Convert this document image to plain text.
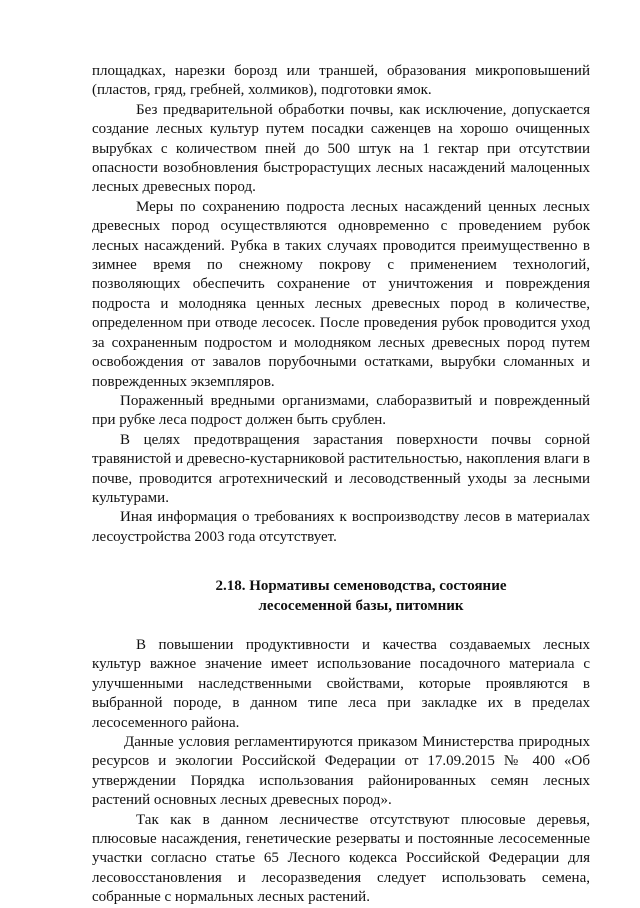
площадках, нарезки борозд или траншей, образования микроповышений (пластов, гряд, гребней, холмиков), подготовки ямок.

Без предварительной обработки почвы, как исключение, допускается создание лесных культур путем посадки саженцев на хорошо очищенных вырубках с количеством пней до 500 штук на 1 гектар при отсутствии опасности возобновления быстрорастущих лесных насаждений малоценных лесных древесных пород.

Меры по сохранению подроста лесных насаждений ценных лесных древесных пород осуществляются одновременно с проведением рубок лесных насаждений. Рубка в таких случаях проводится преимущественно в зимнее время по снежному покрову с применением технологий, позволяющих обеспечить сохранение от уничтожения и повреждения подроста и молодняка ценных лесных древесных пород в количестве, определенном при отводе лесосек. После проведения рубок проводится уход за сохраненным подростом и молодняком лесных древесных пород путем освобождения от завалов порубочными остатками, вырубки сломанных и поврежденных экземпляров.

Пораженный вредными организмами, слаборазвитый и поврежденный при рубке леса подрост должен быть срублен.

В целях предотвращения зарастания поверхности почвы сорной травянистой и древесно-кустарниковой растительностью, накопления влаги в почве, проводится агротехнический и лесоводственный уходы за лесными культурами.

Иная информация о требованиях к воспроизводству лесов в материалах лесоустройства 2003 года отсутствует.

2.18. Нормативы семеноводства, состояние
лесосеменной базы, питомник

В повышении продуктивности и качества создаваемых лесных культур важное значение имеет использование посадочного материала с улучшенными наследственными свойствами, которые проявляются в выбранной породе, в данном типе леса при закладке их в пределах лесосеменного района.

Данные условия регламентируются приказом Министерства природных ресурсов и экологии Российской Федерации от 17.09.2015 № 400 «Об утверждении Порядка использования районированных семян лесных растений основных лесных древесных пород».

Так как в данном лесничестве отсутствуют плюсовые деревья, плюсовые насаждения, генетические резерваты и постоянные лесосеменные участки согласно статье 65 Лесного кодекса Российской Федерации для лесовосстановления и лесоразведения следует использовать семена, собранные с нормальных лесных растений.
